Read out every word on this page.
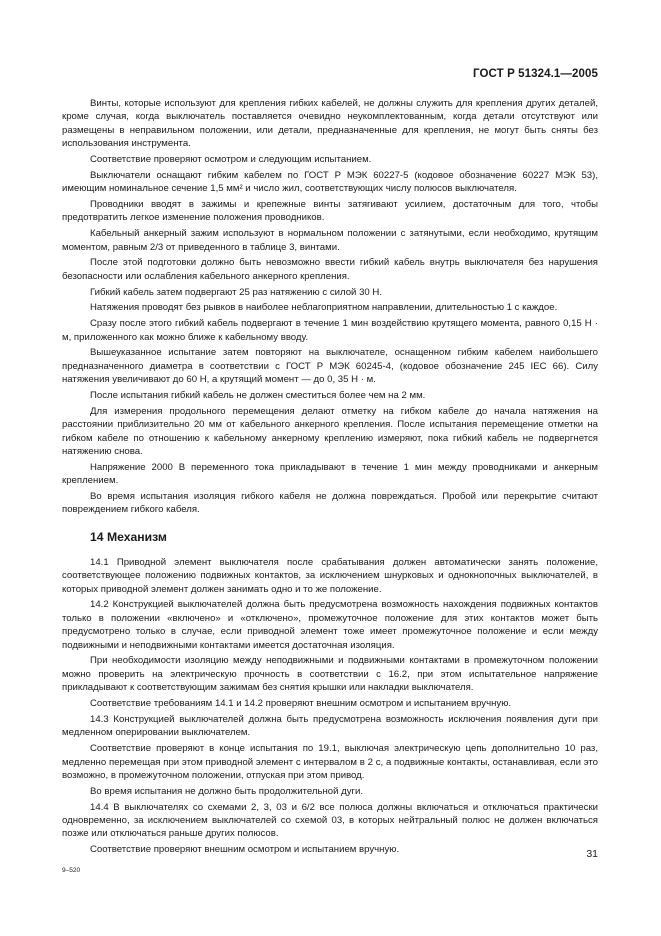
ГОСТ Р 51324.1—2005

Винты, которые используют для крепления гибких кабелей, не должны служить для крепления других деталей, кроме случая, когда выключатель поставляется очевидно неукомплектованным, когда детали отсутствуют или размещены в неправильном положении, или детали, предназначенные для крепления, не могут быть сняты без использования инструмента.

Соответствие проверяют осмотром и следующим испытанием.

Выключатели оснащают гибким кабелем по ГОСТ Р МЭК 60227-5 (кодовое обозначение 60227 МЭК 53), имеющим номинальное сечение 1,5 мм² и число жил, соответствующих числу полюсов выключателя.

Проводники вводят в зажимы и крепежные винты затягивают усилием, достаточным для того, чтобы предотвратить легкое изменение положения проводников.

Кабельный анкерный зажим используют в нормальном положении с затянутыми, если необходимо, крутящим моментом, равным 2/3 от приведенного в таблице 3, винтами.

После этой подготовки должно быть невозможно ввести гибкий кабель внутрь выключателя без нарушения безопасности или ослабления кабельного анкерного крепления.

Гибкий кабель затем подвергают 25 раз натяжению с силой 30 Н.

Натяжения проводят без рывков в наиболее неблагоприятном направлении, длительностью 1 с каждое.

Сразу после этого гибкий кабель подвергают в течение 1 мин воздействию крутящего момента, равного 0,15 Н · м, приложенного как можно ближе к кабельному вводу.

Вышеуказанное испытание затем повторяют на выключателе, оснащенном гибким кабелем наибольшего предназначенного диаметра в соответствии с ГОСТ Р МЭК 60245-4, (кодовое обозначение 245 IEC 66). Силу натяжения увеличивают до 60 Н, а крутящий момент — до 0, 35 Н · м.

После испытания гибкий кабель не должен сместиться более чем на 2 мм.

Для измерения продольного перемещения делают отметку на гибком кабеле до начала натяжения на расстоянии приблизительно 20 мм от кабельного анкерного крепления. После испытания перемещение отметки на гибком кабеле по отношению к кабельному анкерному креплению измеряют, пока гибкий кабель не подвергнется натяжению снова.

Напряжение 2000 В переменного тока прикладывают в течение 1 мин между проводниками и анкерным креплением.

Во время испытания изоляция гибкого кабеля не должна повреждаться. Пробой или перекрытие считают повреждением гибкого кабеля.

14 Механизм

14.1 Приводной элемент выключателя после срабатывания должен автоматически занять положение, соответствующее положению подвижных контактов, за исключением шнурковых и однокнопочных выключателей, в которых приводной элемент должен занимать одно и то же положение.

14.2 Конструкцией выключателей должна быть предусмотрена возможность нахождения подвижных контактов только в положении «включено» и «отключено», промежуточное положение для этих контактов может быть предусмотрено только в случае, если приводной элемент тоже имеет промежуточное положение и если между подвижными и неподвижными контактами имеется достаточная изоляция.

При необходимости изоляцию между неподвижными и подвижными контактами в промежуточном положении можно проверить на электрическую прочность в соответствии с 16.2, при этом испытательное напряжение прикладывают к соответствующим зажимам без снятия крышки или накладки выключателя.

Соответствие требованиям 14.1 и 14.2 проверяют внешним осмотром и испытанием вручную.

14.3 Конструкцией выключателей должна быть предусмотрена возможность исключения появления дуги при медленном оперировании выключателем.

Соответствие проверяют в конце испытания по 19.1, выключая электрическую цепь дополнительно 10 раз, медленно перемещая при этом приводной элемент с интервалом в 2 с, а подвижные контакты, останавливая, если это возможно, в промежуточном положении, отпуская при этом привод.

Во время испытания не должно быть продолжительной дуги.

14.4 В выключателях со схемами 2, 3, 03 и 6/2 все полюса должны включаться и отключаться практически одновременно, за исключением выключателей со схемой 03, в которых нейтральный полюс не должен включаться позже или отключаться раньше других полюсов.

Соответствие проверяют внешним осмотром и испытанием вручную.

9–520
31
